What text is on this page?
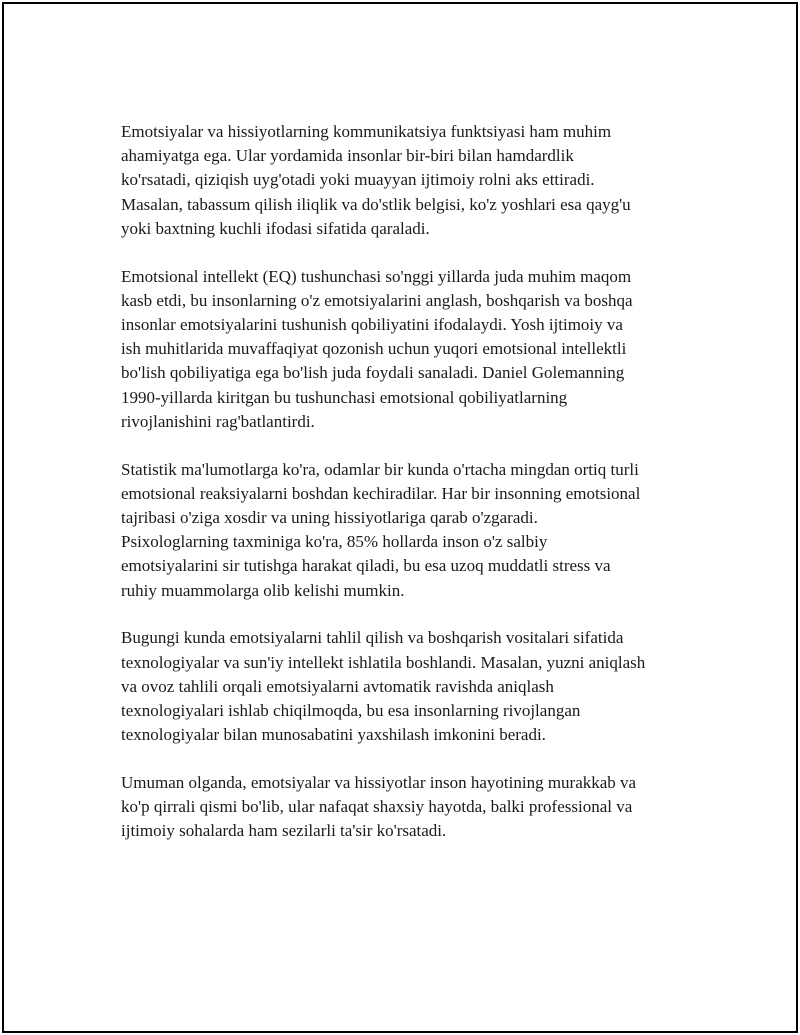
Emotsiyalar va hissiyotlarning kommunikatsiya funktsiyasi ham muhim
ahamiyatga ega. Ular yordamida insonlar bir-biri bilan hamdardlik
ko'rsatadi, qiziqish uyg'otadi yoki muayyan ijtimoiy rolni aks ettiradi.
Masalan, tabassum qilish iliqlik va do'stlik belgisi, ko'z yoshlari esa qayg'u
yoki baxtning kuchli ifodasi sifatida qaraladi.

Emotsional intellekt (EQ) tushunchasi so'nggi yillarda juda muhim maqom
kasb etdi, bu insonlarning o'z emotsiyalarini anglash, boshqarish va boshqa
insonlar emotsiyalarini tushunish qobiliyatini ifodalaydi. Yosh ijtimoiy va
ish muhitlarida muvaffaqiyat qozonish uchun yuqori emotsional intellektli
bo'lish qobiliyatiga ega bo'lish juda foydali sanaladi. Daniel Golemanning
1990-yillarda kiritgan bu tushunchasi emotsional qobiliyatlarning
rivojlanishini rag'batlantirdi.

Statistik ma'lumotlarga ko'ra, odamlar bir kunda o'rtacha mingdan ortiq turli
emotsional reaksiyalarni boshdan kechiradilar. Har bir insonning emotsional
tajribasi o'ziga xosdir va uning hissiyotlariga qarab o'zgaradi.
Psixologlarning taxminiga ko'ra, 85% hollarda inson o'z salbiy
emotsiyalarini sir tutishga harakat qiladi, bu esa uzoq muddatli stress va
ruhiy muammolarga olib kelishi mumkin.

Bugungi kunda emotsiyalarni tahlil qilish va boshqarish vositalari sifatida
texnologiyalar va sun'iy intellekt ishlatila boshlandi. Masalan, yuzni aniqlash
va ovoz tahlili orqali emotsiyalarni avtomatik ravishda aniqlash
texnologiyalari ishlab chiqilmoqda, bu esa insonlarning rivojlangan
texnologiyalar bilan munosabatini yaxshilash imkonini beradi.

Umuman olganda, emotsiyalar va hissiyotlar inson hayotining murakkab va
ko'p qirrali qismi bo'lib, ular nafaqat shaxsiy hayotda, balki professional va
ijtimoiy sohalarda ham sezilarli ta'sir ko'rsatadi.
